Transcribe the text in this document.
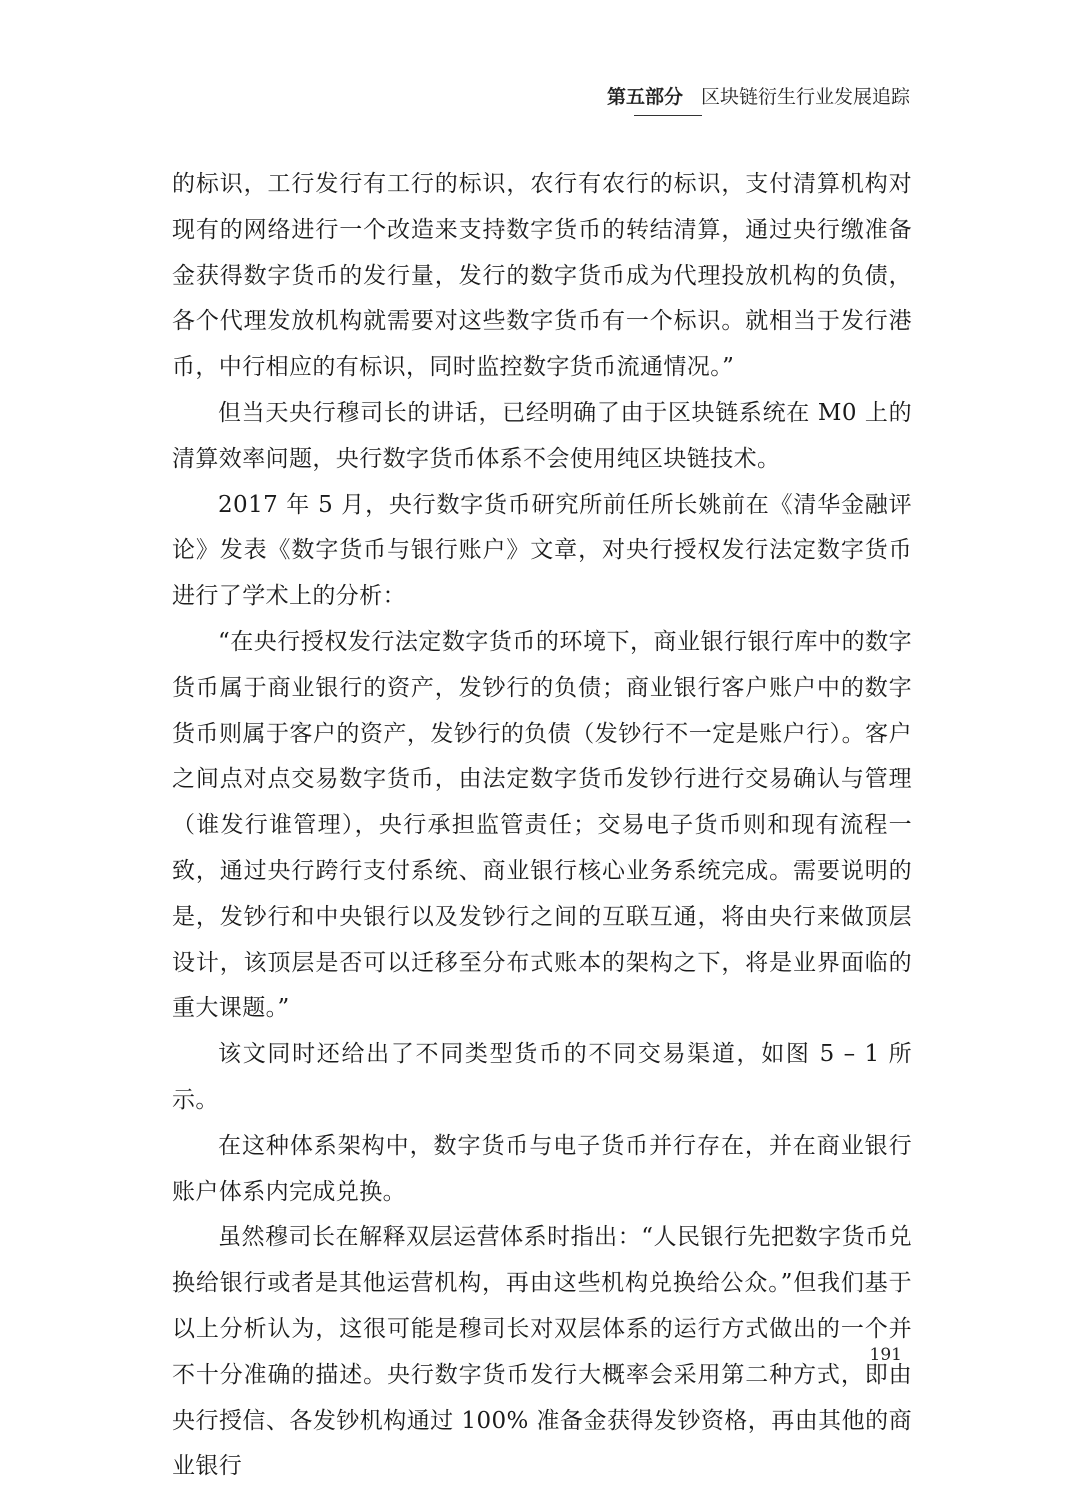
第五部分 区块链衍生行业发展追踪

的标识，工行发行有工行的标识，农行有农行的标识，支付清算机构对现有的网络进行一个改造来支持数字货币的转结清算，通过央行缴准备金获得数字货币的发行量，发行的数字货币成为代理投放机构的负债，各个代理发放机构就需要对这些数字货币有一个标识。就相当于发行港币，中行相应的有标识，同时监控数字货币流通情况。”

但当天央行穆司长的讲话，已经明确了由于区块链系统在 M0 上的清算效率问题，央行数字货币体系不会使用纯区块链技术。

2017 年 5 月，央行数字货币研究所前任所长姚前在《清华金融评论》发表《数字货币与银行账户》文章，对央行授权发行法定数字货币进行了学术上的分析：

“在央行授权发行法定数字货币的环境下，商业银行银行库中的数字货币属于商业银行的资产，发钞行的负债；商业银行客户账户中的数字货币则属于客户的资产，发钞行的负债（发钞行不一定是账户行）。客户之间点对点交易数字货币，由法定数字货币发钞行进行交易确认与管理（谁发行谁管理），央行承担监管责任；交易电子货币则和现有流程一致，通过央行跨行支付系统、商业银行核心业务系统完成。需要说明的是，发钞行和中央银行以及发钞行之间的互联互通，将由央行来做顶层设计，该顶层是否可以迁移至分布式账本的架构之下，将是业界面临的重大课题。”

该文同时还给出了不同类型货币的不同交易渠道，如图 5 – 1 所示。

在这种体系架构中，数字货币与电子货币并行存在，并在商业银行账户体系内完成兑换。

虽然穆司长在解释双层运营体系时指出：“人民银行先把数字货币兑换给银行或者是其他运营机构，再由这些机构兑换给公众。”但我们基于以上分析认为，这很可能是穆司长对双层体系的运行方式做出的一个并不十分准确的描述。央行数字货币发行大概率会采用第二种方式，即由央行授信、各发钞机构通过 100% 准备金获得发钞资格，再由其他的商业银行

191
